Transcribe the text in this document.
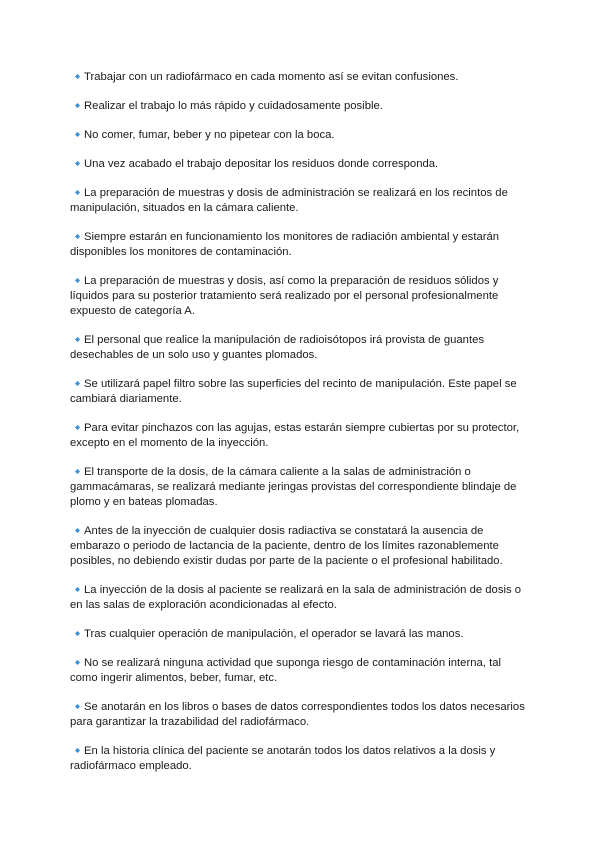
Trabajar con un radiofármaco en cada momento así se evitan confusiones.
Realizar el trabajo lo más rápido y cuidadosamente posible.
No comer, fumar, beber y no pipetear con la boca.
Una vez acabado el trabajo depositar los residuos donde corresponda.
La preparación de muestras y dosis de administración se realizará en los recintos de manipulación, situados en la cámara caliente.
Siempre estarán en funcionamiento los monitores de radiación ambiental y estarán disponibles los monitores de contaminación.
La preparación de muestras y dosis, así como la preparación de residuos sólidos y líquidos para su posterior tratamiento será realizado por el personal profesionalmente expuesto de categoría A.
El personal que realice la manipulación de radioisótopos irá provista de guantes desechables de un solo uso y guantes plomados.
Se utilizará papel filtro sobre las superficies del recinto de manipulación. Este papel se cambiará diariamente.
Para evitar pinchazos con las agujas, estas estarán siempre cubiertas por su protector, excepto en el momento de la inyección.
El transporte de la dosis, de la cámara caliente a la salas de administración o gammacámaras, se realizará mediante jeringas provistas del correspondiente blindaje de plomo y en bateas plomadas.
Antes de la inyección de cualquier dosis radiactiva se constatará la ausencia de embarazo o periodo de lactancia de la paciente, dentro de los límites razonablemente posibles, no debiendo existir dudas por parte de la paciente o el profesional habilitado.
La inyección de la dosis al paciente se realizará en la sala de administración de dosis o en las salas de exploración acondicionadas al efecto.
Tras cualquier operación de manipulación, el operador se lavará las manos.
No se realizará ninguna actividad que suponga riesgo de contaminación interna, tal como ingerir alimentos, beber, fumar, etc.
Se anotarán en los libros o bases de datos correspondientes todos los datos necesarios para garantizar la trazabilidad del radiofármaco.
En la historia clínica del paciente se anotarán todos los datos relativos a la dosis y radiofármaco empleado.
